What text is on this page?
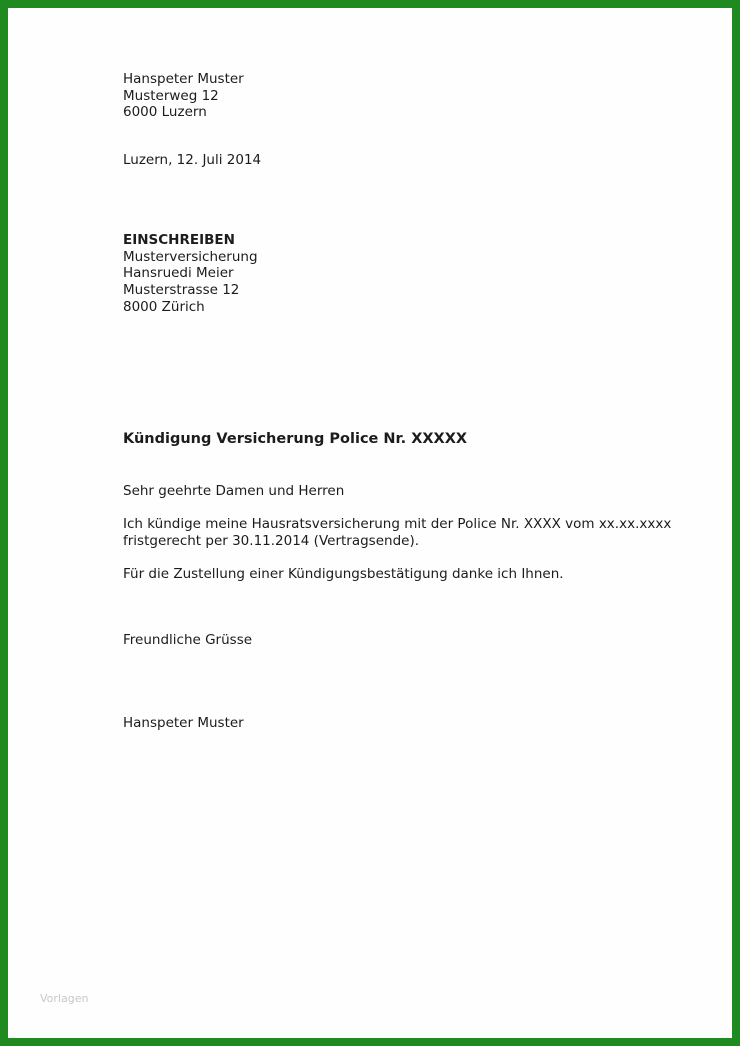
Hanspeter Muster
Musterweg 12
6000 Luzern
Luzern, 12. Juli 2014
EINSCHREIBEN
Musterversicherung
Hansruedi Meier
Musterstrasse 12
8000 Zürich
Kündigung Versicherung Police Nr. XXXXX
Sehr geehrte Damen und Herren
Ich kündige meine Hausratsversicherung mit der Police Nr. XXXX vom xx.xx.xxxx
fristgerecht per 30.11.2014 (Vertragsende).
Für die Zustellung einer Kündigungsbestätigung danke ich Ihnen.
Freundliche Grüsse
Hanspeter Muster
Vorlagen
